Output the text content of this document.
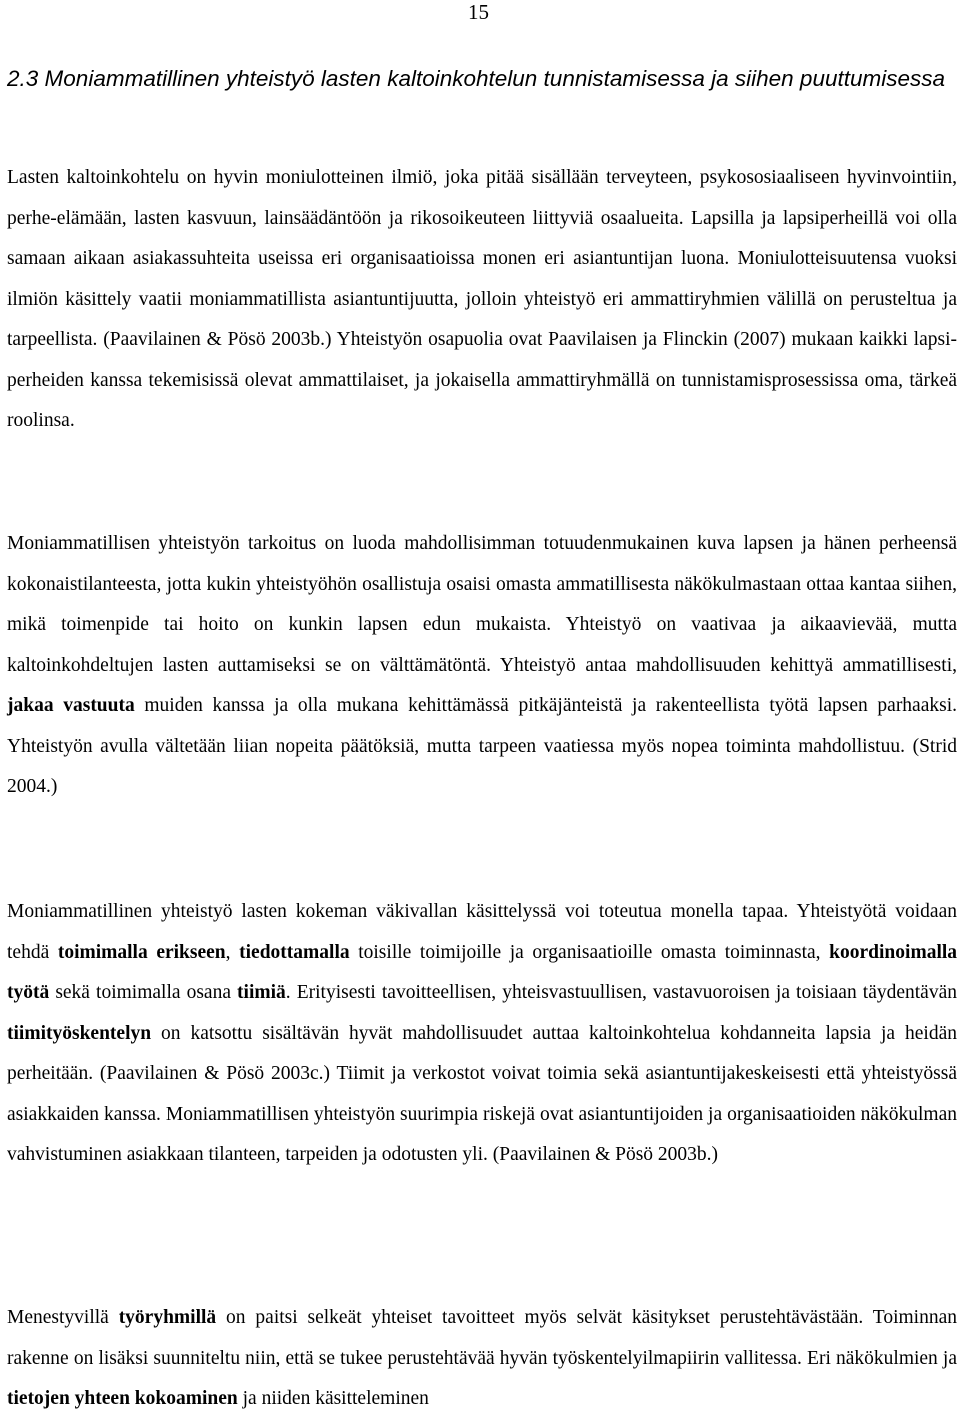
15
2.3 Moniammatillinen yhteistyö lasten kaltoinkohtelun tunnistamisessa ja siihen puuttumisessa

Lasten kaltoinkohtelu on hyvin moniulotteinen ilmiö, joka pitää sisällään terveyteen, psykososiaaliseen hyvinvointiin, perhe-elämään, lasten kasvuun, lainsäädäntöön ja rikosoikeuteen liittyviä osaalueita. Lapsilla ja lapsiperheillä voi olla samaan aikaan asiakassuhteita useissa eri organisaatioissa monen eri asiantuntijan luona. Moniulotteisuutensa vuoksi ilmiön käsittely vaatii moniammatillista asiantuntijuutta, jolloin yhteistyö eri ammattiryhmien välillä on perusteltua ja tarpeellista. (Paavilainen & Pösö 2003b.) Yhteistyön osapuolia ovat Paavilaisen ja Flinckin (2007) mukaan kaikki lapsiperheiden kanssa tekemisissä olevat ammattilaiset, ja jokaisella ammattiryhmällä on tunnistamisprosessissa oma, tärkeä roolinsa.

Moniammatillisen yhteistyön tarkoitus on luoda mahdollisimman totuudenmukainen kuva lapsen ja hänen perheensä kokonaistilanteesta, jotta kukin yhteistyöhön osallistuja osaisi omasta ammatillisesta näkökulmastaan ottaa kantaa siihen, mikä toimenpide tai hoito on kunkin lapsen edun mukaista. Yhteistyö on vaativaa ja aikaavievää, mutta kaltoinkohdeltujen lasten auttamiseksi se on välttämätöntä. Yhteistyö antaa mahdollisuuden kehittyä ammatillisesti, jakaa vastuuta muiden kanssa ja olla mukana kehittämässä pitkäjänteistä ja rakenteellista työtä lapsen parhaaksi. Yhteistyön avulla vältetään liian nopeita päätöksiä, mutta tarpeen vaatiessa myös nopea toiminta mahdollistuu. (Strid 2004.)

Moniammatillinen yhteistyö lasten kokeman väkivallan käsittelyssä voi toteutua monella tapaa. Yhteistyötä voidaan tehdä toimimalla erikseen, tiedottamalla toisille toimijoille ja organisaatioille omasta toiminnasta, koordinoimalla työtä sekä toimimalla osana tiimiä. Erityisesti tavoitteellisen, yhteisvastuullisen, vastavuoroisen ja toisiaan täydentävän tiimityöskentelyn on katsottu sisältävän hyvät mahdollisuudet auttaa kaltoinkohtelua kohdanneita lapsia ja heidän perheitään. (Paavilainen & Pösö 2003c.) Tiimit ja verkostot voivat toimia sekä asiantuntijakeskeisesti että yhteistyössä asiakkaiden kanssa. Moniammatillisen yhteistyön suurimpia riskejä ovat asiantuntijoiden ja organisaatioiden näkökulman vahvistuminen asiakkaan tilanteen, tarpeiden ja odotusten yli. (Paavilainen & Pösö 2003b.)

Menestyvillä työryhmillä on paitsi selkeät yhteiset tavoitteet myös selvät käsitykset perustehtävästään. Toiminnan rakenne on lisäksi suunniteltu niin, että se tukee perustehtävää hyvän työskentelyilmapiirin vallitessa. Eri näkökulmien ja tietojen yhteen kokoaminen ja niiden käsitteleminen
